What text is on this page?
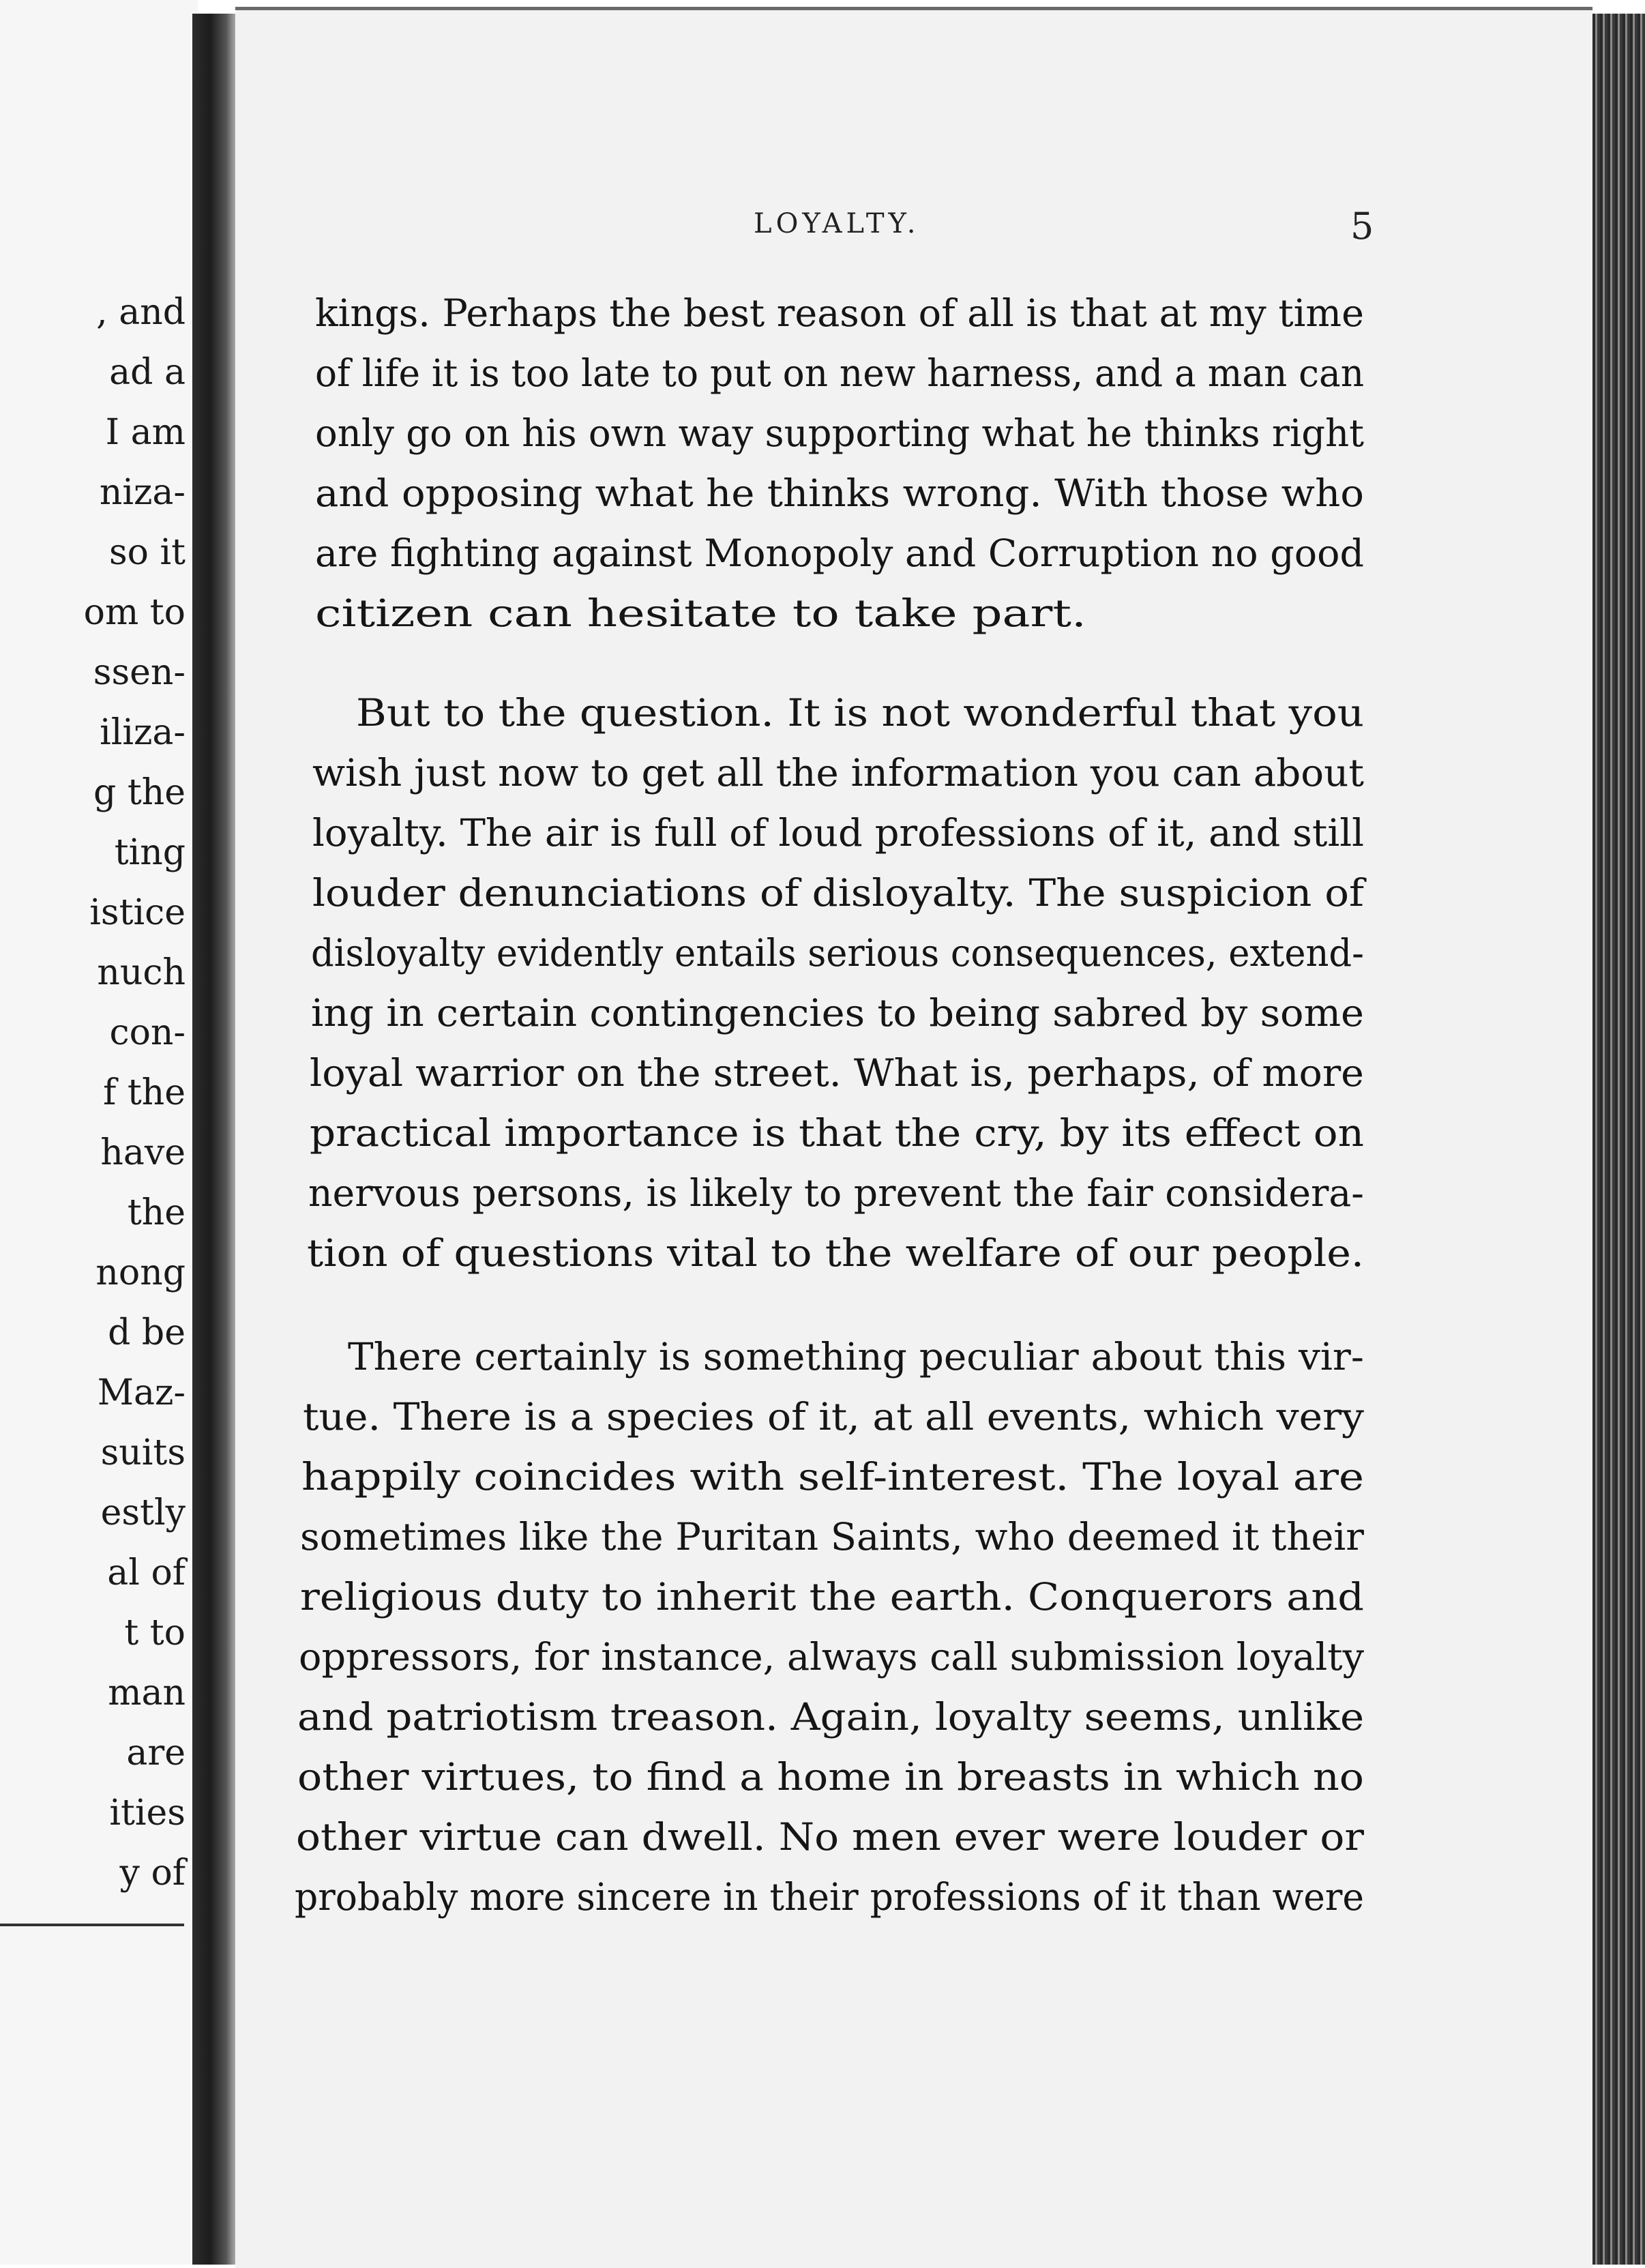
, and
ad a
I am
niza-
so it
om to
ssen-
iliza-
g the
ting
istice
nuch
con-
f the
have
the
nong
d be
Maz-
suits
estly
al of
t to
man
are
ities
y of
LOYALTY.	5
kings. Perhaps the best reason of all is that at my time
of life it is too late to put on new harness, and a man can
only go on his own way supporting what he thinks right
and opposing what he thinks wrong. With those who
are fighting against Monopoly and Corruption no good
citizen can hesitate to take part.
But to the question. It is not wonderful that you
wish just now to get all the information you can about
loyalty. The air is full of loud professions of it, and still
louder denunciations of disloyalty. The suspicion of
disloyalty evidently entails serious consequences, extend-
ing in certain contingencies to being sabred by some
loyal warrior on the street. What is, perhaps, of more
practical importance is that the cry, by its effect on
nervous persons, is likely to prevent the fair considera-
tion of questions vital to the welfare of our people.
There certainly is something peculiar about this vir-
tue. There is a species of it, at all events, which very
happily coincides with self-interest. The loyal are
sometimes like the Puritan Saints, who deemed it their
religious duty to inherit the earth. Conquerors and
oppressors, for instance, always call submission loyalty
and patriotism treason. Again, loyalty seems, unlike
other virtues, to find a home in breasts in which no
other virtue can dwell. No men ever were louder or
probably more sincere in their professions of it than were
